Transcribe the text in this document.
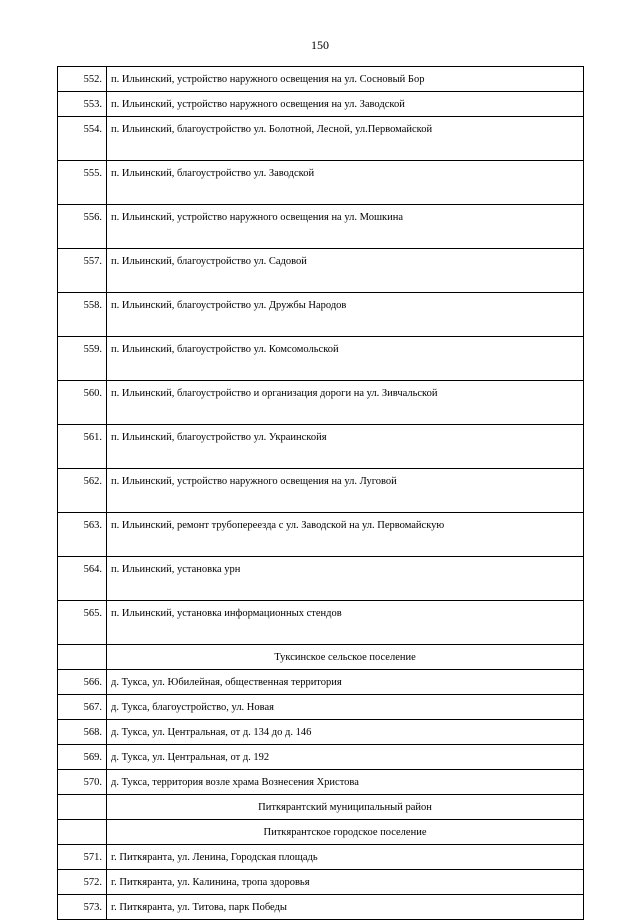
150
552.	п. Ильинский, устройство наружного освещения на ул. Сосновый Бор
553.	п. Ильинский, устройство наружного освещения на ул. Заводской
554.	п. Ильинский, благоустройство ул. Болотной, Лесной, ул.Первомайской
555.	п. Ильинский, благоустройство ул. Заводской
556.	п. Ильинский, устройство наружного освещения на ул. Мошкина
557.	п. Ильинский, благоустройство ул. Садовой
558.	п. Ильинский, благоустройство ул. Дружбы Народов
559.	п. Ильинский, благоустройство ул. Комсомольской
560.	п. Ильинский, благоустройство и организация дороги на ул. Зивчальской
561.	п. Ильинский, благоустройство ул. Украинскойя
562.	п. Ильинский, устройство наружного освещения на ул. Луговой
563.	п. Ильинский, ремонт трубопереезда с ул. Заводской на ул. Первомайскую
564.	п. Ильинский, установка урн
565.	п. Ильинский, установка информационных стендов
	Туксинское сельское поселение
566.	д. Тукса, ул. Юбилейная, общественная территория
567.	д. Тукса, благоустройство, ул. Новая
568.	д. Тукса, ул. Центральная, от д. 134 до д. 146
569.	д. Тукса, ул. Центральная, от д. 192
570.	д. Тукса, территория возле храма Вознесения Христова
	Питкярантский муниципальный район
	Питкярантское городское поселение
571.	г. Питкяранта, ул. Ленина, Городская площадь
572.	г. Питкяранта, ул. Калинина, тропа здоровья
573.	г. Питкяранта, ул. Титова, парк Победы
